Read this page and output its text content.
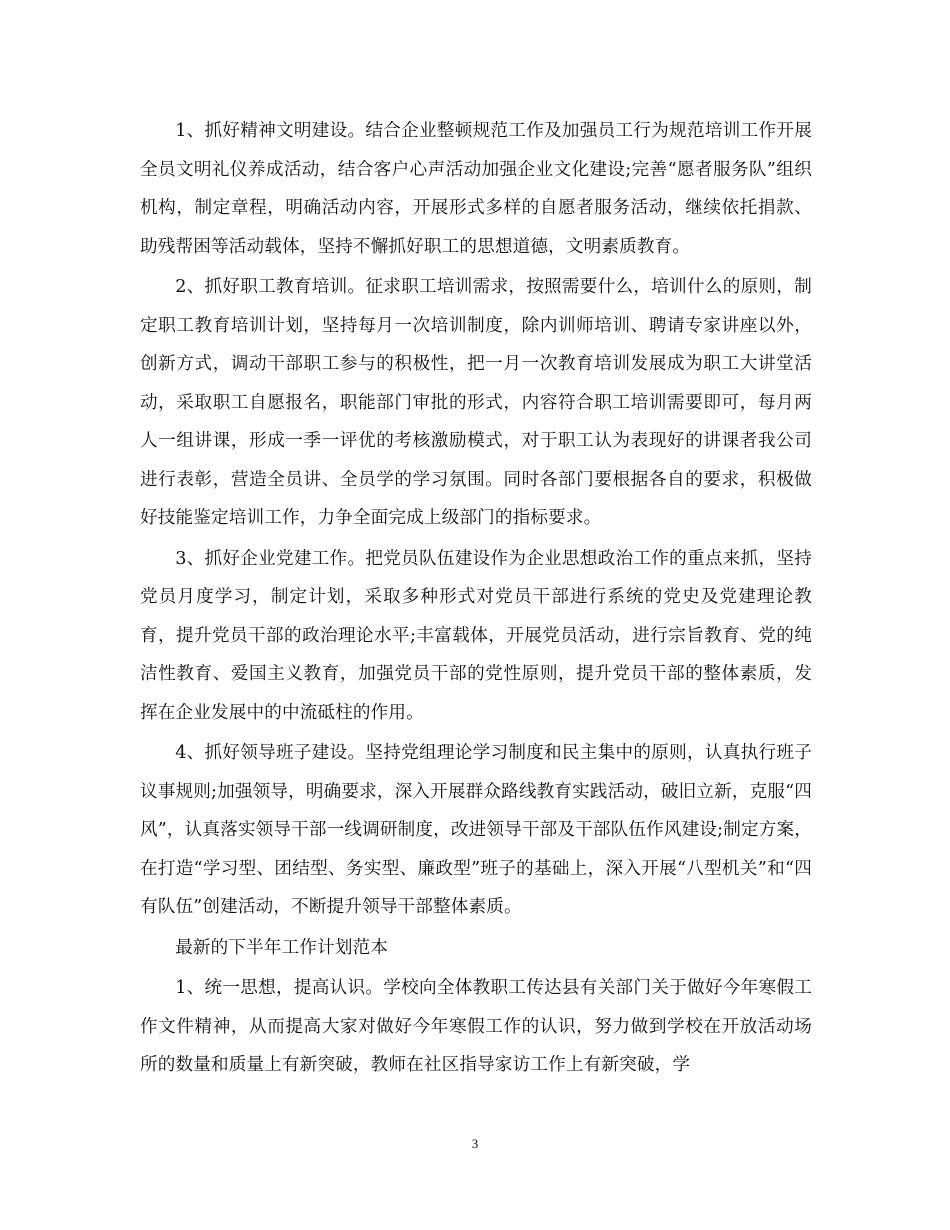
1、抓好精神文明建设。结合企业整顿规范工作及加强员工行为规范培训工作开展全员文明礼仪养成活动，结合客户心声活动加强企业文化建设;完善“愿者服务队”组织机构，制定章程，明确活动内容，开展形式多样的自愿者服务活动，继续依托捐款、助残帮困等活动载体，坚持不懈抓好职工的思想道德，文明素质教育。

2、抓好职工教育培训。征求职工培训需求，按照需要什么，培训什么的原则，制定职工教育培训计划，坚持每月一次培训制度，除内训师培训、聘请专家讲座以外，创新方式，调动干部职工参与的积极性，把一月一次教育培训发展成为职工大讲堂活动，采取职工自愿报名，职能部门审批的形式，内容符合职工培训需要即可，每月两人一组讲课，形成一季一评优的考核激励模式，对于职工认为表现好的讲课者我公司进行表彰，营造全员讲、全员学的学习氛围。同时各部门要根据各自的要求，积极做好技能鉴定培训工作，力争全面完成上级部门的指标要求。

3、抓好企业党建工作。把党员队伍建设作为企业思想政治工作的重点来抓，坚持党员月度学习，制定计划，采取多种形式对党员干部进行系统的党史及党建理论教育，提升党员干部的政治理论水平;丰富载体，开展党员活动，进行宗旨教育、党的纯洁性教育、爱国主义教育，加强党员干部的党性原则，提升党员干部的整体素质，发挥在企业发展中的中流砥柱的作用。

4、抓好领导班子建设。坚持党组理论学习制度和民主集中的原则，认真执行班子议事规则;加强领导，明确要求，深入开展群众路线教育实践活动，破旧立新，克服“四风”，认真落实领导干部一线调研制度，改进领导干部及干部队伍作风建设;制定方案，在打造“学习型、团结型、务实型、廉政型”班子的基础上，深入开展“八型机关”和“四有队伍”创建活动，不断提升领导干部整体素质。

最新的下半年工作计划范本

1、统一思想，提高认识。学校向全体教职工传达县有关部门关于做好今年寒假工作文件精神，从而提高大家对做好今年寒假工作的认识，努力做到学校在开放活动场所的数量和质量上有新突破，教师在社区指导家访工作上有新突破，学

3
